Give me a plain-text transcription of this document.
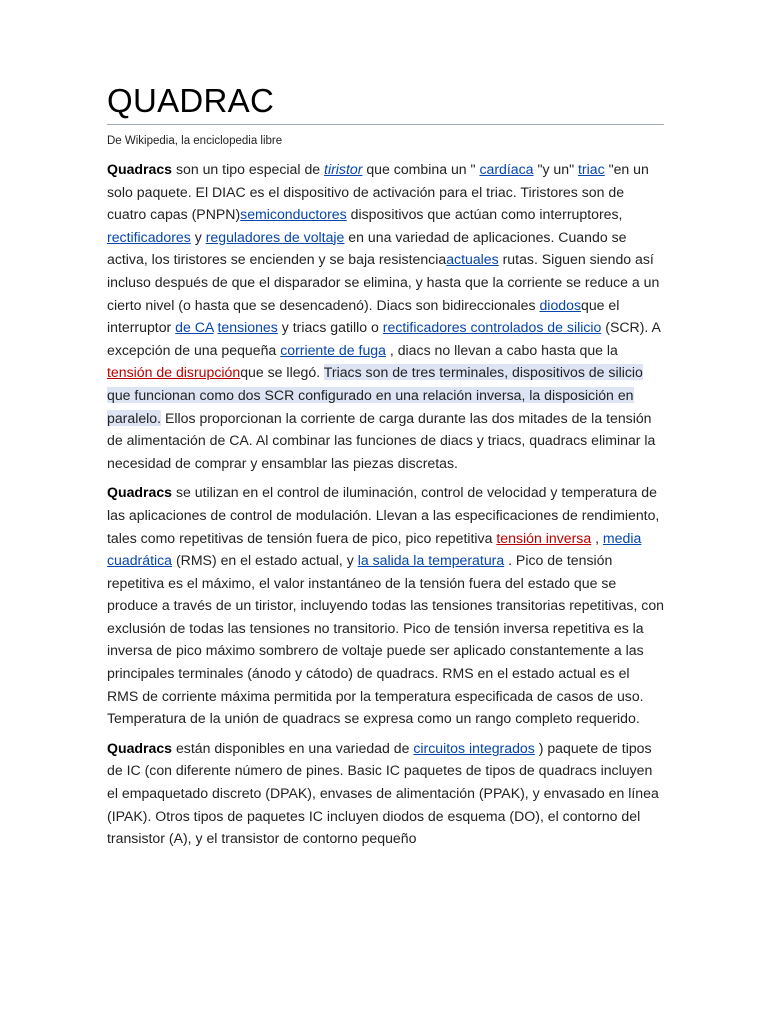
QUADRAC
De Wikipedia, la enciclopedia libre

Quadracs son un tipo especial de tiristor que combina un " cardíaca "y un" triac "en un solo paquete. El DIAC es el dispositivo de activación para el triac. Tiristores son de cuatro capas (PNPN)semiconductores dispositivos que actúan como interruptores, rectificadores y reguladores de voltaje en una variedad de aplicaciones. Cuando se activa, los tiristores se encienden y se baja resistenciaactuales rutas. Siguen siendo así incluso después de que el disparador se elimina, y hasta que la corriente se reduce a un cierto nivel (o hasta que se desencadenó). Diacs son bidireccionales diodosque el interruptor de CA tensiones y triacs gatillo o rectificadores controlados de silicio (SCR). A excepción de una pequeña corriente de fuga , diacs no llevan a cabo hasta que la tensión de disrupciónque se llegó. Triacs son de tres terminales, dispositivos de silicio que funcionan como dos SCR configurado en una relación inversa, la disposición en paralelo. Ellos proporcionan la corriente de carga durante las dos mitades de la tensión de alimentación de CA. Al combinar las funciones de diacs y triacs, quadracs eliminar la necesidad de comprar y ensamblar las piezas discretas.

Quadracs se utilizan en el control de iluminación, control de velocidad y temperatura de las aplicaciones de control de modulación. Llevan a las especificaciones de rendimiento, tales como repetitivas de tensión fuera de pico, pico repetitiva tensión inversa , media cuadrática (RMS) en el estado actual, y la salida la temperatura . Pico de tensión repetitiva es el máximo, el valor instantáneo de la tensión fuera del estado que se produce a través de un tiristor, incluyendo todas las tensiones transitorias repetitivas, con exclusión de todas las tensiones no transitorio. Pico de tensión inversa repetitiva es la inversa de pico máximo sombrero de voltaje puede ser aplicado constantemente a las principales terminales (ánodo y cátodo) de quadracs. RMS en el estado actual es el RMS de corriente máxima permitida por la temperatura especificada de casos de uso. Temperatura de la unión de quadracs se expresa como un rango completo requerido.

Quadracs están disponibles en una variedad de circuitos integrados ) paquete de tipos de IC (con diferente número de pines. Basic IC paquetes de tipos de quadracs incluyen el empaquetado discreto (DPAK), envases de alimentación (PPAK), y envasado en línea (IPAK). Otros tipos de paquetes IC incluyen diodos de esquema (DO), el contorno del transistor (A), y el transistor de contorno pequeño
